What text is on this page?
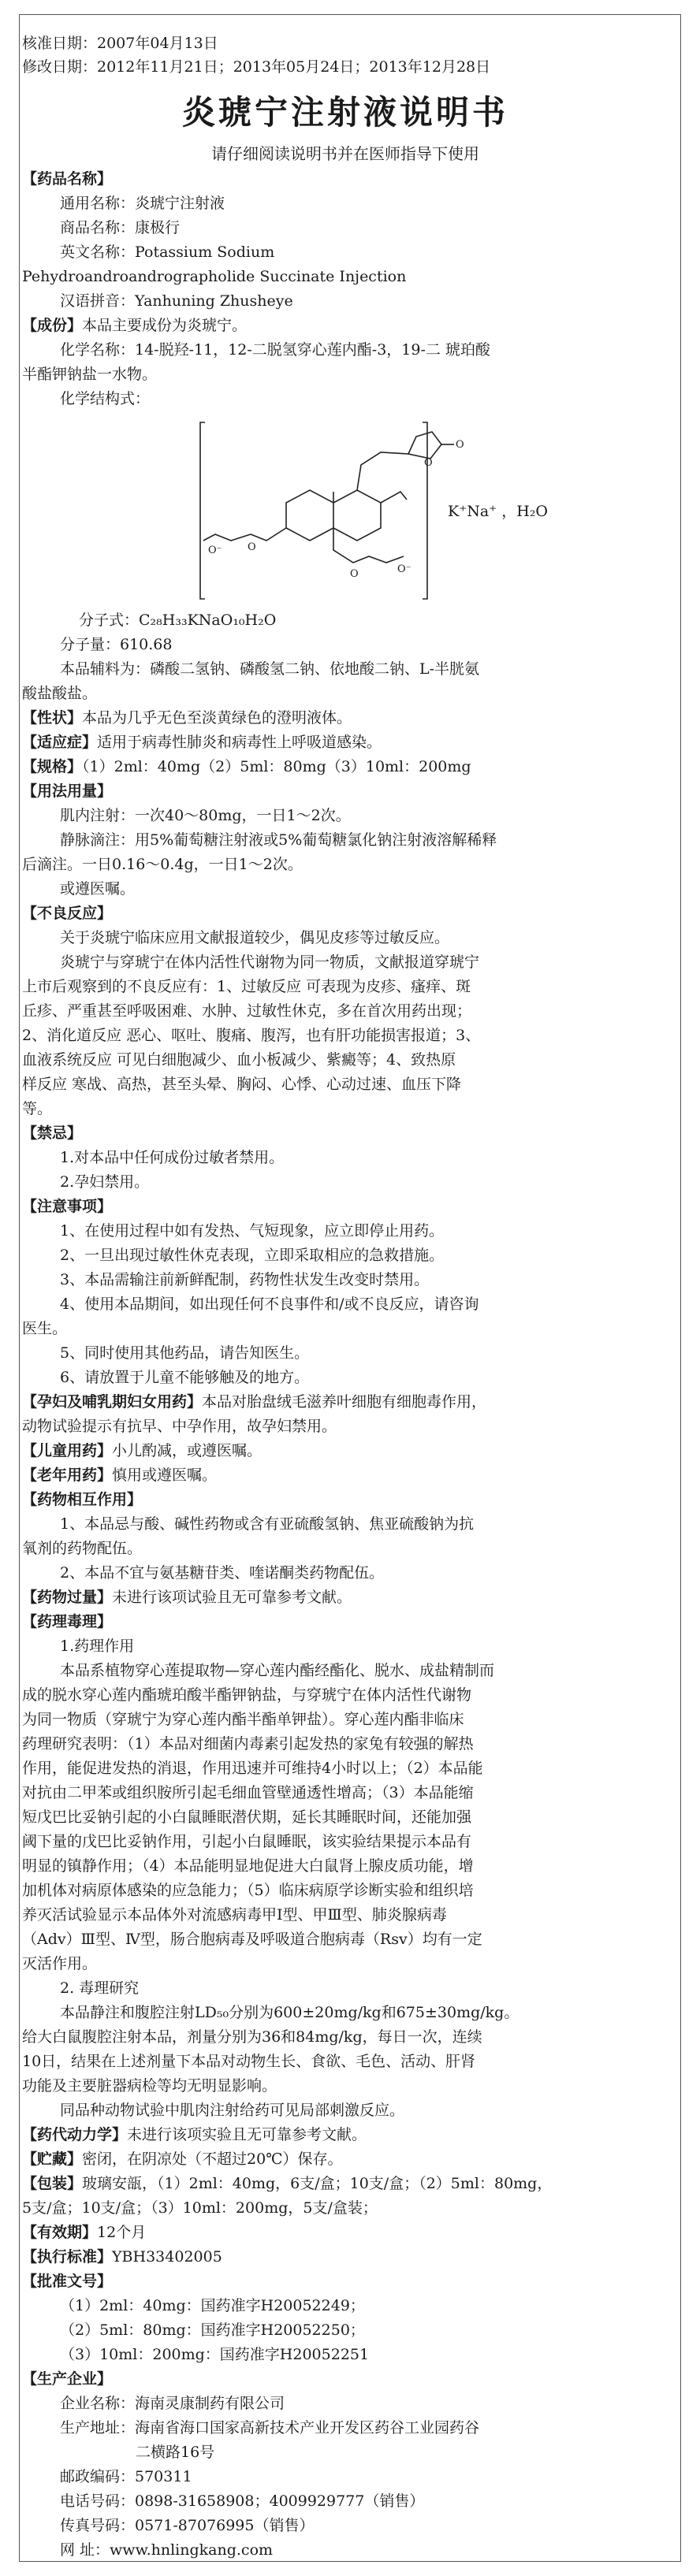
核准日期：2007年04月13日
修改日期：2012年11月21日；2013年05月24日；2013年12月28日
炎琥宁注射液说明书
请仔细阅读说明书并在医师指导下使用
【药品名称】
通用名称：炎琥宁注射液
商品名称：康极行
英文名称：Potassium Sodium
Pehydroandroandrographolide Succinate Injection
汉语拼音：Yanhuning Zhusheye
【成份】本品主要成份为炎琥宁。
化学名称：14-脱羟-11，12-二脱氢穿心莲内酯-3，19-二 琥珀酸
半酯钾钠盐一水物。
化学结构式：
O
O
O⁻ O
O⁻
O
K⁺Na⁺ ，H₂O
分子式：C₂₈H₃₃KNaO₁₀H₂O
分子量：610.68
本品辅料为：磷酸二氢钠、磷酸氢二钠、依地酸二钠、L-半胱氨
酸盐酸盐。
【性状】本品为几乎无色至淡黄绿色的澄明液体。
【适应症】适用于病毒性肺炎和病毒性上呼吸道感染。
【规格】（1）2ml：40mg（2）5ml：80mg（3）10ml：200mg
【用法用量】
肌内注射：一次40～80mg，一日1～2次。
静脉滴注：用5%葡萄糖注射液或5%葡萄糖氯化钠注射液溶解稀释
后滴注。一日0.16～0.4g，一日1～2次。
或遵医嘱。
【不良反应】
关于炎琥宁临床应用文献报道较少，偶见皮疹等过敏反应。
炎琥宁与穿琥宁在体内活性代谢物为同一物质，文献报道穿琥宁
上市后观察到的不良反应有：1、过敏反应 可表现为皮疹、瘙痒、斑
丘疹、严重甚至呼吸困难、水肿、过敏性休克，多在首次用药出现；
2、消化道反应 恶心、呕吐、腹痛、腹泻，也有肝功能损害报道；3、
血液系统反应 可见白细胞减少、血小板减少、紫癜等；4、致热原
样反应 寒战、高热，甚至头晕、胸闷、心悸、心动过速、血压下降
等。
【禁忌】
1.对本品中任何成份过敏者禁用。
2.孕妇禁用。
【注意事项】
1、在使用过程中如有发热、气短现象，应立即停止用药。
2、一旦出现过敏性休克表现，立即采取相应的急救措施。
3、本品需输注前新鲜配制，药物性状发生改变时禁用。
4、使用本品期间，如出现任何不良事件和/或不良反应，请咨询
医生。
5、同时使用其他药品，请告知医生。
6、请放置于儿童不能够触及的地方。
【孕妇及哺乳期妇女用药】本品对胎盘绒毛滋养叶细胞有细胞毒作用，
动物试验提示有抗早、中孕作用，故孕妇禁用。
【儿童用药】小儿酌减，或遵医嘱。
【老年用药】慎用或遵医嘱。
【药物相互作用】
1、本品忌与酸、碱性药物或含有亚硫酸氢钠、焦亚硫酸钠为抗
氧剂的药物配伍。
2、本品不宜与氨基糖苷类、喹诺酮类药物配伍。
【药物过量】未进行该项试验且无可靠参考文献。
【药理毒理】
1.药理作用
本品系植物穿心莲提取物—穿心莲内酯经酯化、脱水、成盐精制而
成的脱水穿心莲内酯琥珀酸半酯钾钠盐，与穿琥宁在体内活性代谢物
为同一物质（穿琥宁为穿心莲内酯半酯单钾盐）。穿心莲内酯非临床
药理研究表明：（1）本品对细菌内毒素引起发热的家兔有较强的解热
作用，能促进发热的消退，作用迅速并可维持4小时以上；（2）本品能
对抗由二甲苯或组织胺所引起毛细血管壁通透性增高；（3）本品能缩
短戊巴比妥钠引起的小白鼠睡眠潜伏期，延长其睡眠时间，还能加强
阈下量的戊巴比妥钠作用，引起小白鼠睡眠，该实验结果提示本品有
明显的镇静作用；（4）本品能明显地促进大白鼠肾上腺皮质功能，增
加机体对病原体感染的应急能力；（5）临床病原学诊断实验和组织培
养灭活试验显示本品体外对流感病毒甲Ⅰ型、甲Ⅲ型、肺炎腺病毒
（Adv）Ⅲ型、Ⅳ型，肠合胞病毒及呼吸道合胞病毒（Rsv）均有一定
灭活作用。
2. 毒理研究
本品静注和腹腔注射LD₅₀分别为600±20mg/kg和675±30mg/kg。
给大白鼠腹腔注射本品，剂量分别为36和84mg/kg，每日一次，连续
10日，结果在上述剂量下本品对动物生长、食欲、毛色、活动、肝肾
功能及主要脏器病检等均无明显影响。
同品种动物试验中肌肉注射给药可见局部刺激反应。
【药代动力学】未进行该项实验且无可靠参考文献。
【贮藏】密闭，在阴凉处（不超过20℃）保存。
【包装】玻璃安瓿，（1）2ml：40mg，6支/盒；10支/盒；（2）5ml：80mg，
5支/盒；10支/盒；（3）10ml：200mg，5支/盒装；
【有效期】12个月
【执行标准】YBH33402005
【批准文号】
（1）2ml：40mg：国药准字H20052249；
（2）5ml：80mg：国药准字H20052250；
（3）10ml：200mg：国药准字H20052251
【生产企业】
企业名称：海南灵康制药有限公司
生产地址：海南省海口国家高新技术产业开发区药谷工业园药谷
二横路16号
邮政编码：570311
电话号码：0898-31658908；4009929777（销售）
传真号码：0571-87076995（销售）
网 址：www.hnlingkang.com
